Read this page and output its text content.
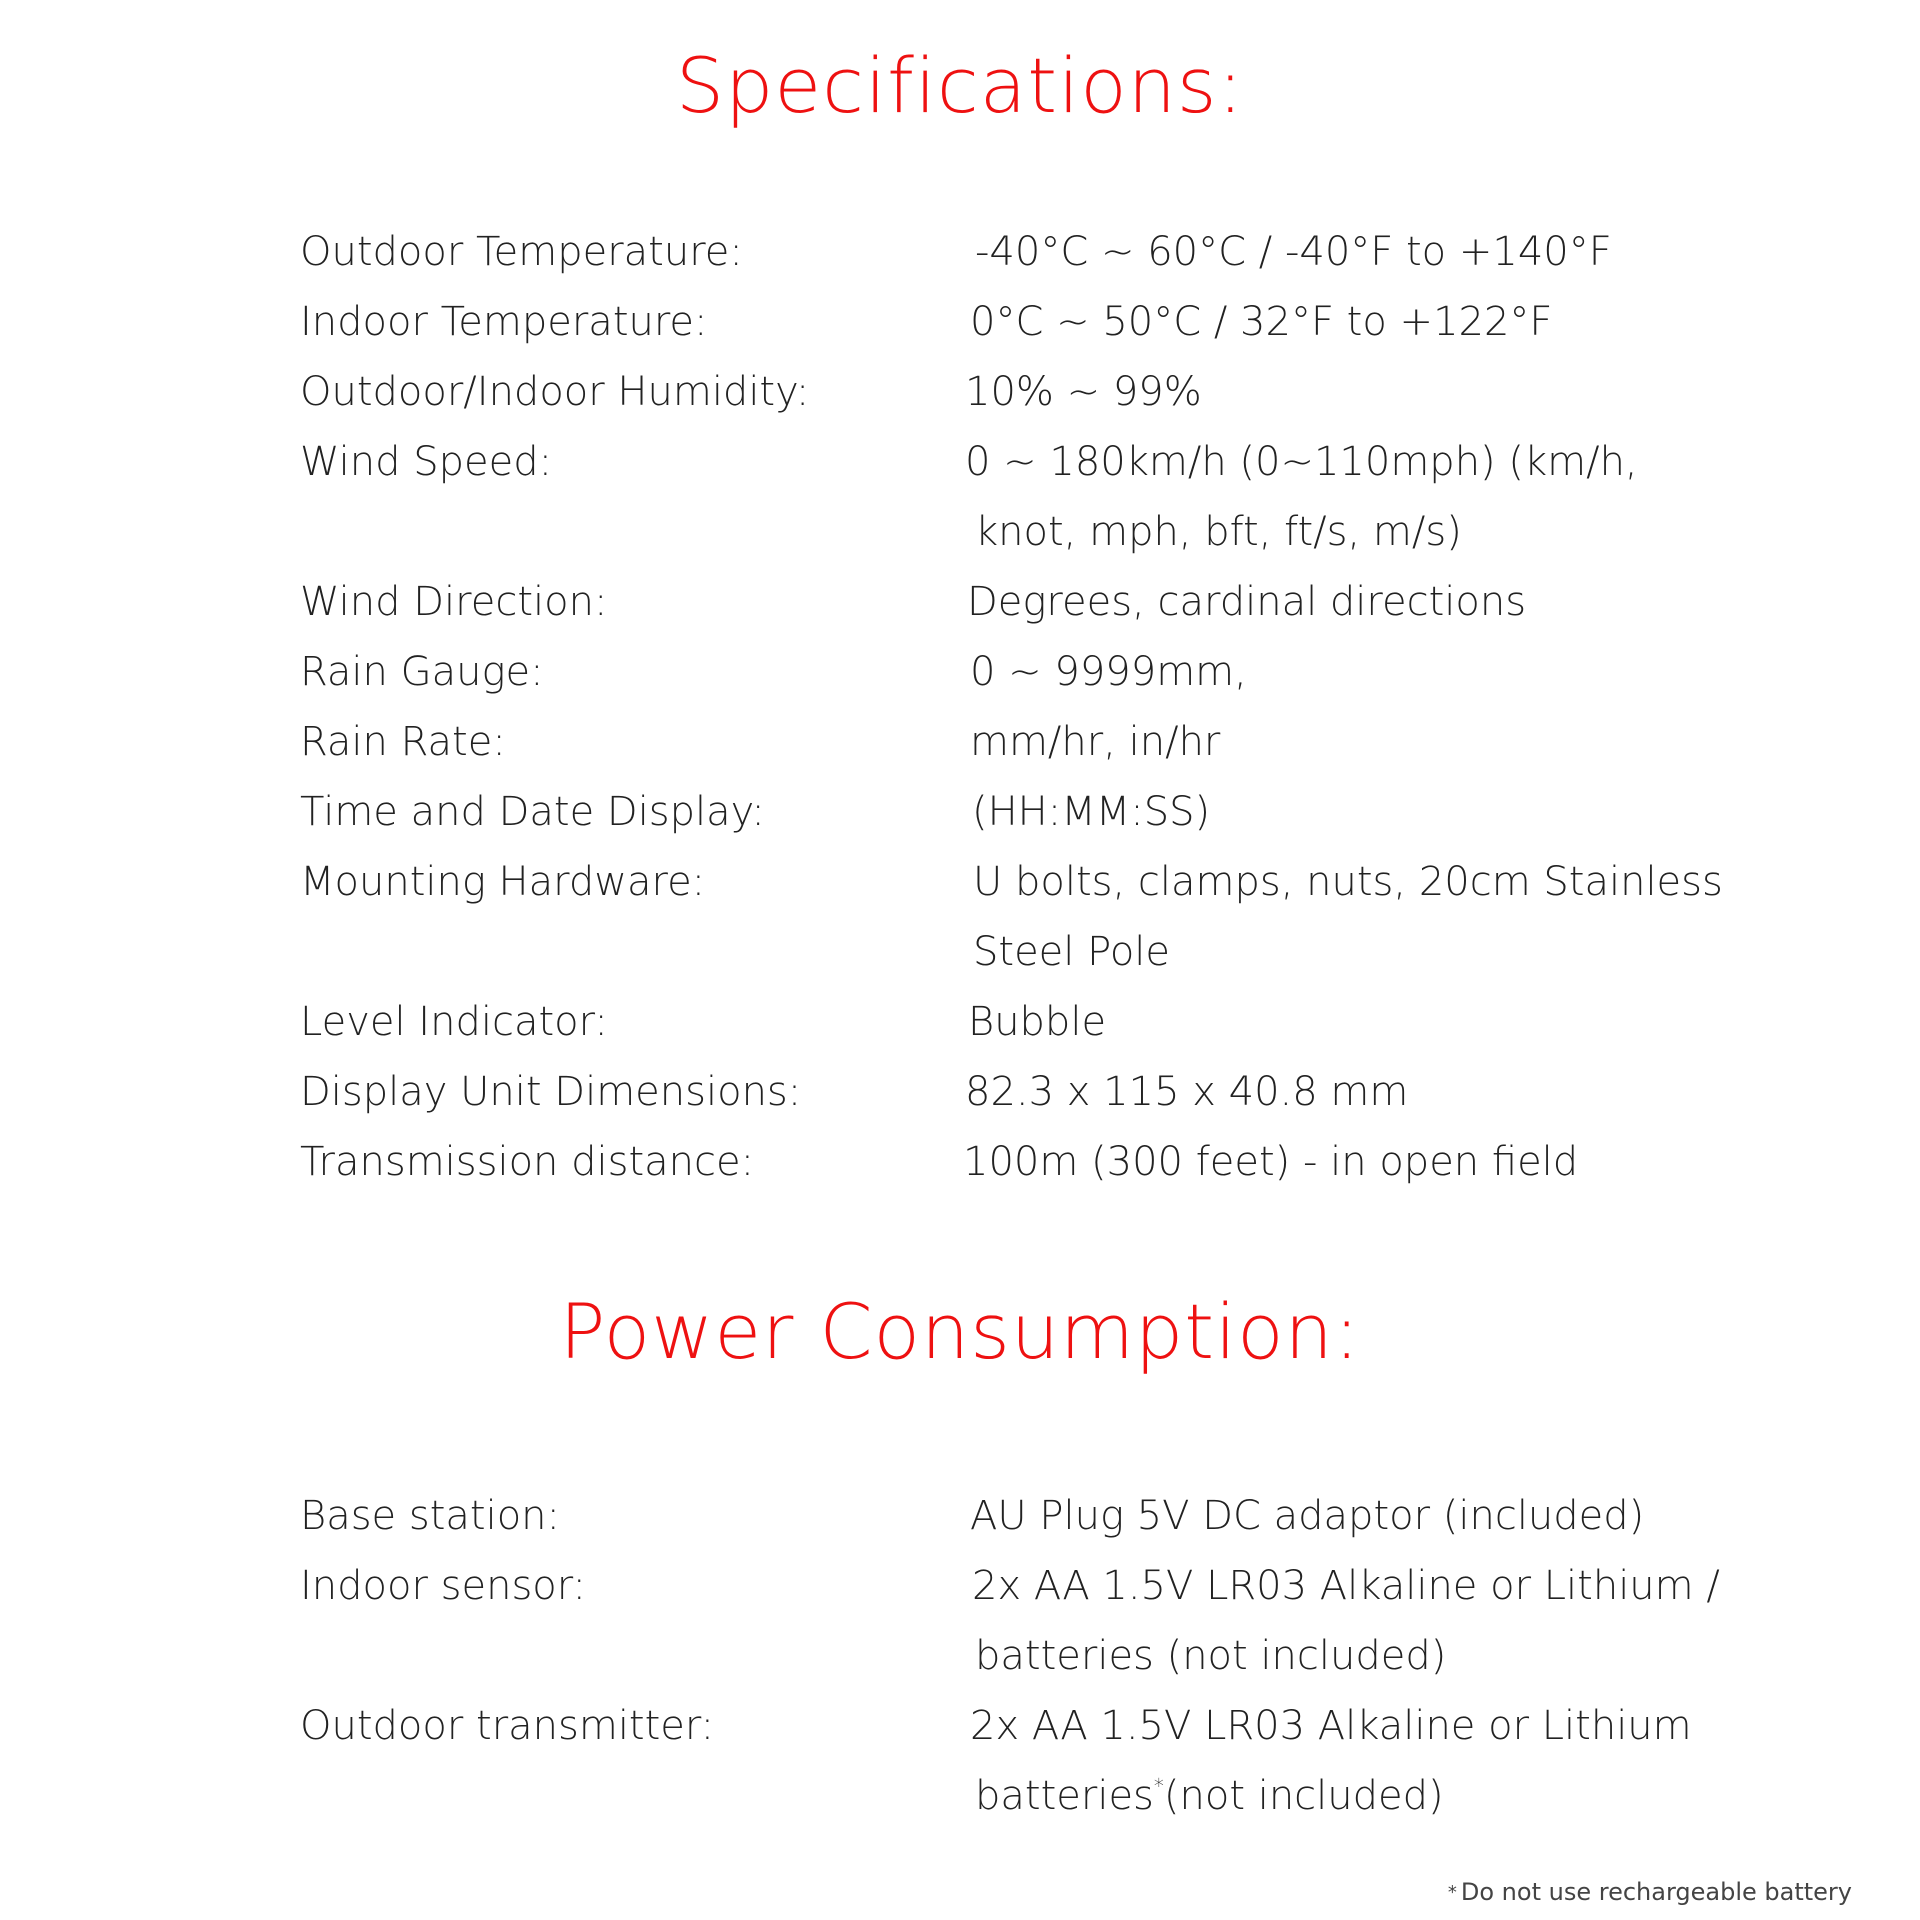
Specifications:
Outdoor Temperature:	-40°C ~ 60°C / -40°F to +140°F
Indoor Temperature:	0°C ~ 50°C / 32°F to +122°F
Outdoor/Indoor Humidity:	10% ~ 99%
Wind Speed:	0 ~ 180km/h (0~110mph) (km/h,
knot, mph, bft, ft/s, m/s)
Wind Direction:	Degrees, cardinal directions
Rain Gauge:	0 ~ 9999mm,
Rain Rate:	mm/hr, in/hr
Time and Date Display:	(HH:MM:SS)
Mounting Hardware:	U bolts, clamps, nuts, 20cm Stainless
Steel Pole
Level Indicator:	Bubble
Display Unit Dimensions:	82.3 x 115 x 40.8 mm
Transmission distance:	100m (300 feet) - in open field
Power Consumption:
Base station:	AU Plug 5V DC adaptor (included)
Indoor sensor:	2x AA 1.5V LR03 Alkaline or Lithium /
batteries (not included)
Outdoor transmitter:	2x AA 1.5V LR03 Alkaline or Lithium
batteries*(not included)
* Do not use rechargeable battery
